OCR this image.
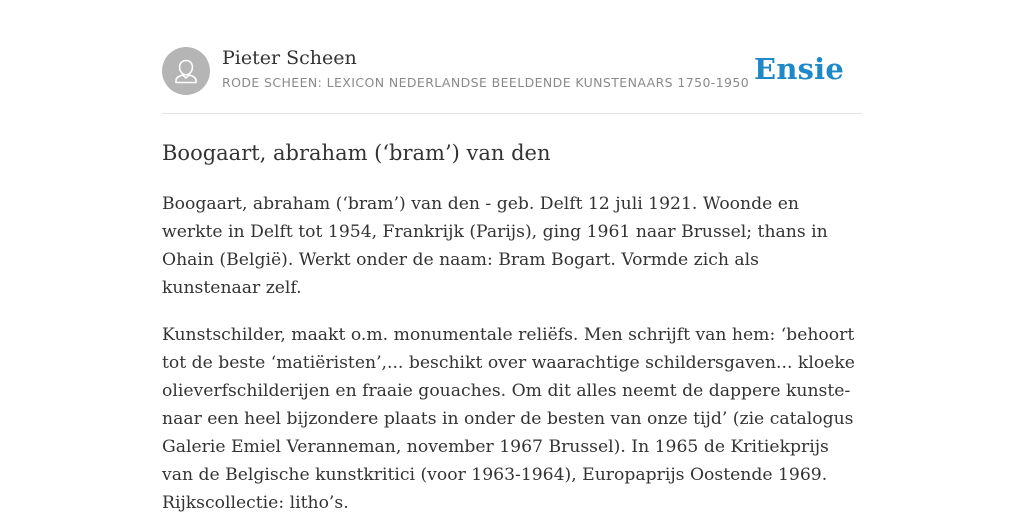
Pieter Scheen
RODE SCHEEN: LEXICON NEDERLANDSE BEELDENDE KUNSTENAARS 1750-1950 Ensie
Boogaart, abraham (‘bram’) van den

Boogaart, abraham (‘bram’) van den - geb. Delft 12 juli 1921. Woonde en werkte in Delft tot 1954, Frankrijk (Parijs), ging 1961 naar Brussel; thans in Ohain (België). Werkt onder de naam: Bram Bogart. Vormde zich als kunstenaar zelf.

Kunstschilder, maakt o.m. monumentale reliëfs. Men schrijft van hem: ‘behoort tot de beste ‘matiëristen’,... beschikt over waarachtige schildersgaven... kloeke olieverfschilderijen en fraaie gouaches. Om dit alles neemt de dappere kunste-naar een heel bijzondere plaats in onder de besten van onze tijd’ (zie catalogus Galerie Emiel Veranneman, november 1967 Brussel). In 1965 de Kritiekprijs van de Belgische kunstkritici (voor 1963-1964), Europaprijs Oostende 1969. Rijkscollectie: litho’s.
